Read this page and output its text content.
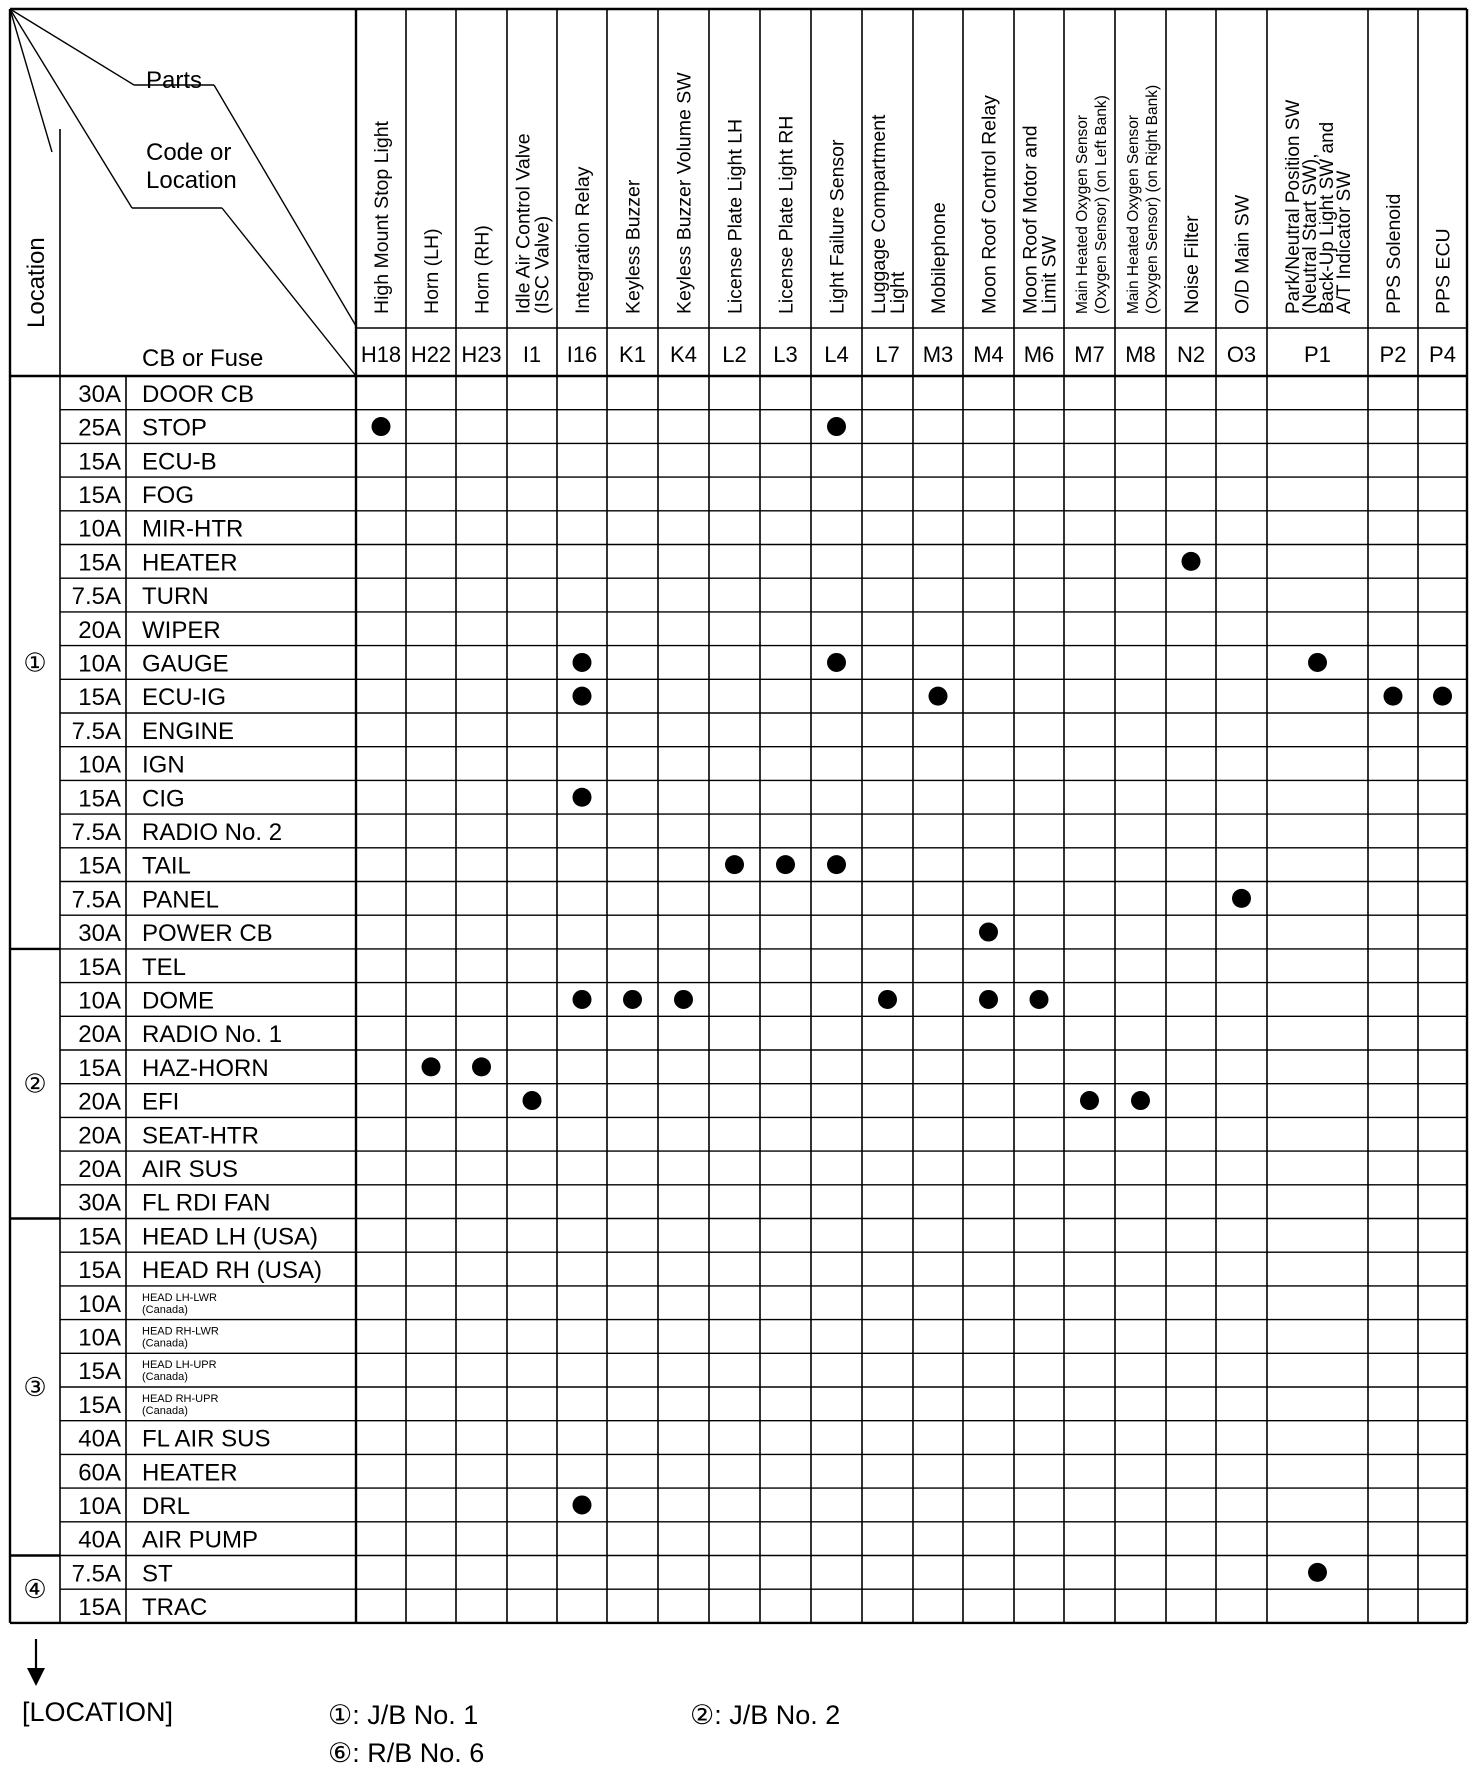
High Mount Stop Light
H18
Horn (LH)
H22
Horn (RH)
H23
Idle Air Control Valve
(ISC Valve)
I1
Integration Relay
I16
Keyless Buzzer
K1
Keyless Buzzer Volume SW
K4
License Plate Light LH
L2
License Plate Light RH
L3
Light Failure Sensor
L4
Luggage Compartment
Light
L7
Mobilephone
M3
Moon Roof Control Relay
M4
Moon Roof Motor and
Limit SW
M6
Main Heated Oxygen Sensor (Oxygen Sensor) (on Left Bank)
M7
Main Heated Oxygen Sensor (Oxygen Sensor) (on Right Bank)
M8
Noise Filter
N2
O/D Main SW
O3
Park/Neutral Position SW
(Neutral Start SW),
Back-Up Light SW and
A/T Indicator SW
P1
PPS Solenoid
P2
PPS ECU
P4
30A DOOR CB
25A STOP
15A ECU-B
15A FOG
10A MIR-HTR
15A HEATER
7.5A TURN
20A WIPER
10A GAUGE
15A ECU-IG
7.5A ENGINE
10A IGN
15A CIG
7.5A RADIO No. 2
15A TAIL
7.5A PANEL
30A POWER CB
①
15A TEL
10A DOME
20A RADIO No. 1
15A HAZ-HORN
20A EFI
20A SEAT-HTR
20A AIR SUS
30A FL RDI FAN
②
15A HEAD LH (USA)
15A HEAD RH (USA)
10A HEAD LH-LWR
(Canada)
10A HEAD RH-LWR
(Canada)
15A HEAD LH-UPR
(Canada)
15A HEAD RH-UPR
(Canada)
40A FL AIR SUS
60A HEATER
10A DRL
40A AIR PUMP
③
7.5A ST
15A TRAC
④
Location
Parts
Code or
Location
CB or Fuse
[LOCATION]	①: J/B No. 1	②: J/B No. 2
⑥: R/B No. 6
